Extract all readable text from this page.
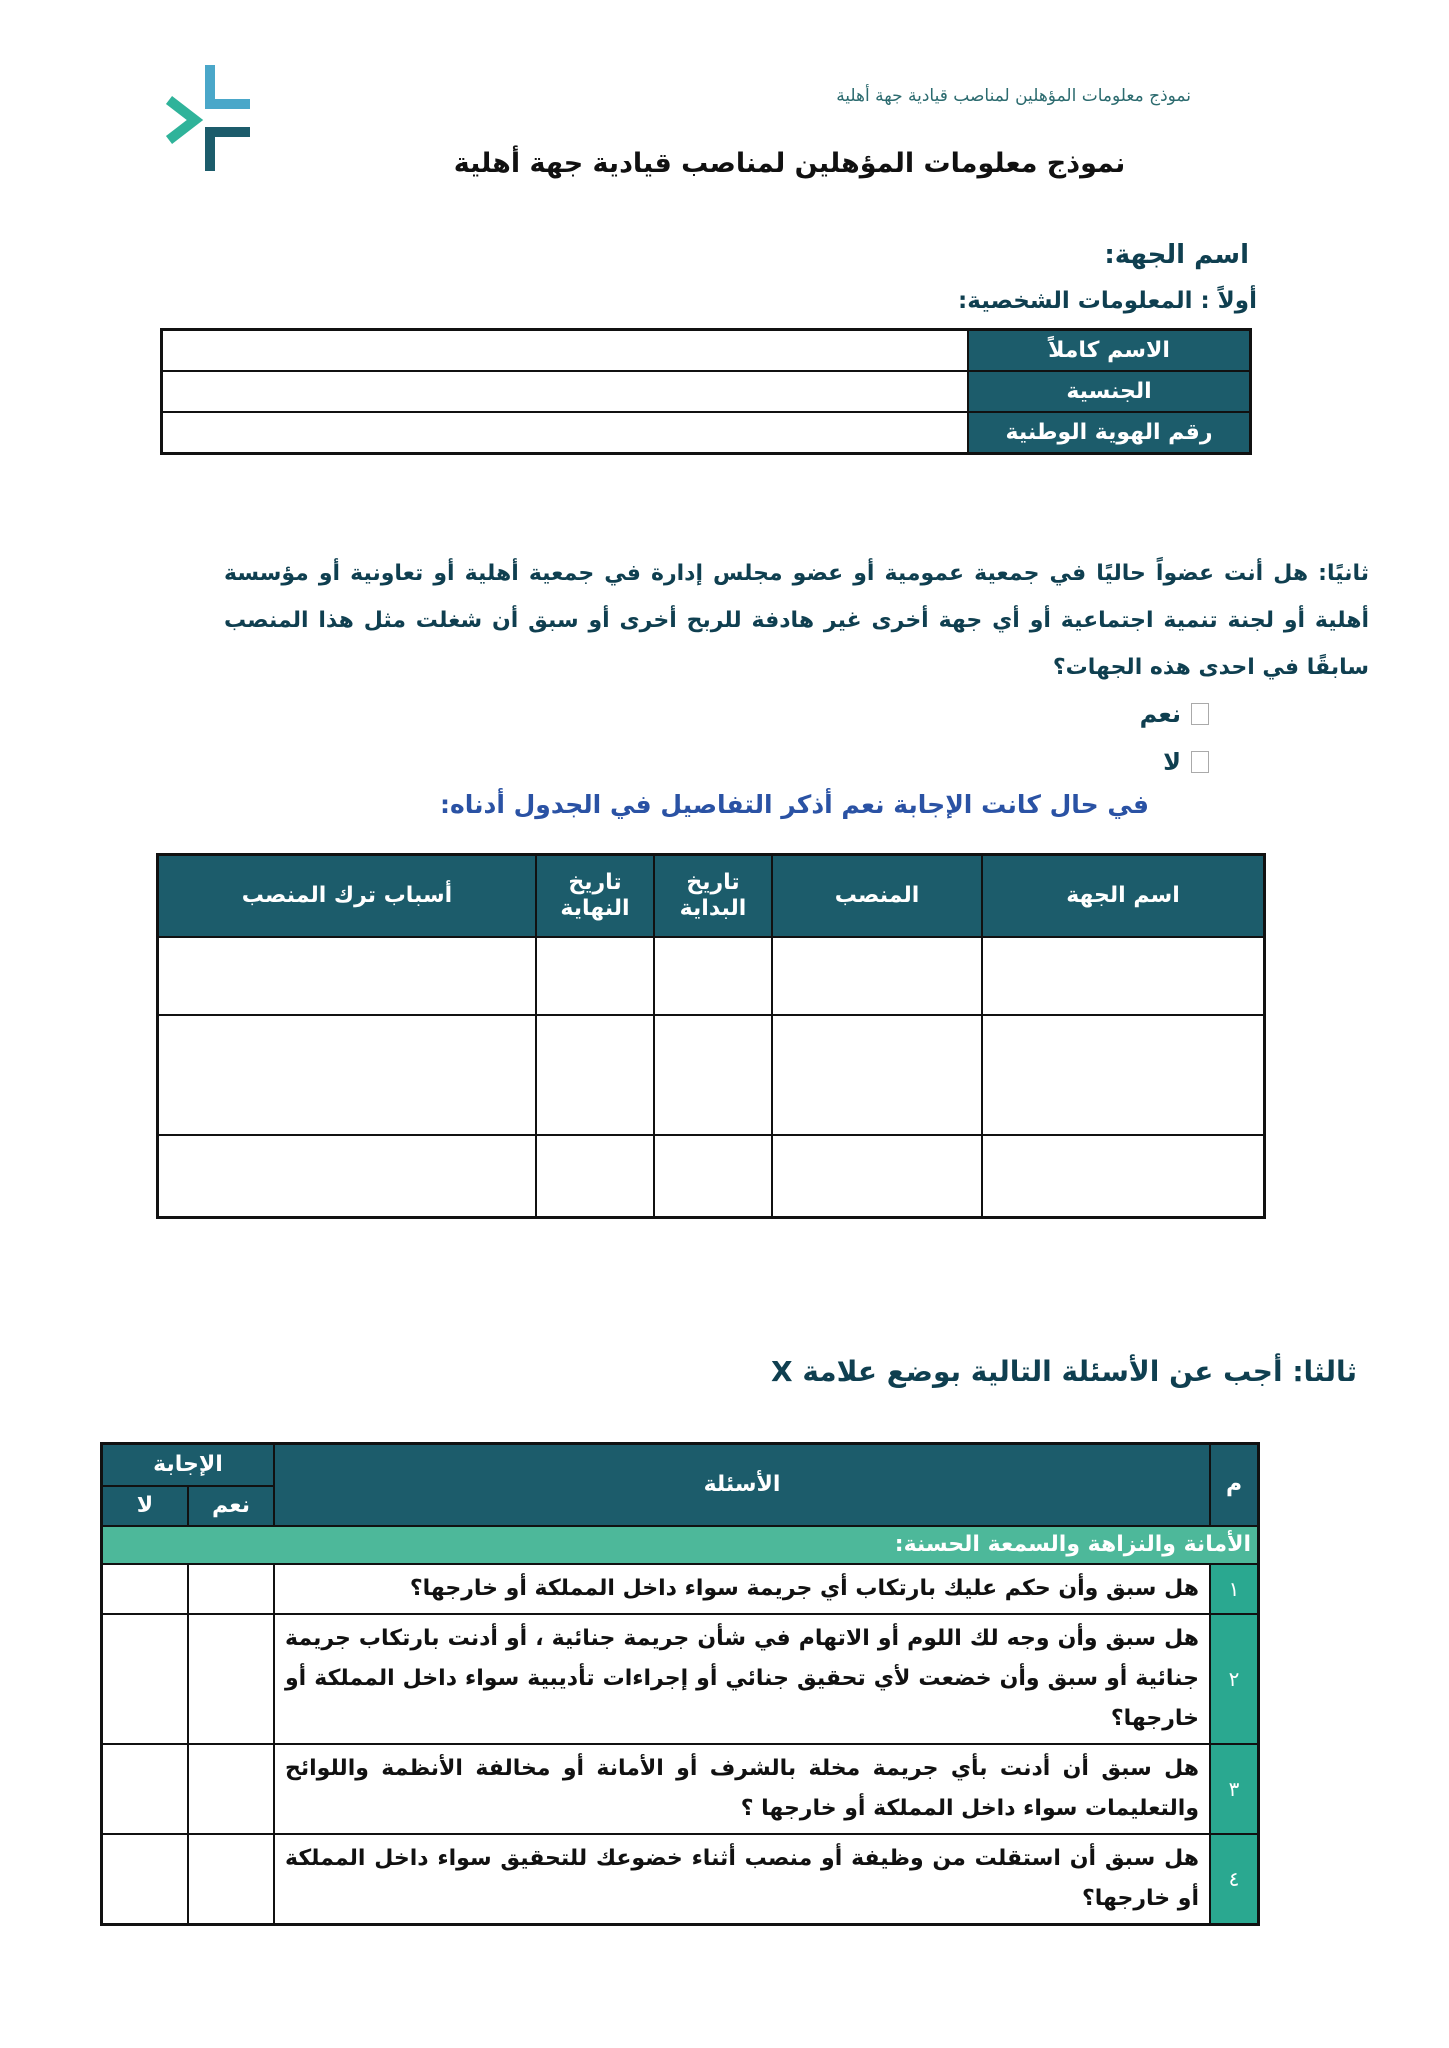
نموذج معلومات المؤهلين لمناصب قيادية جهة أهلية
نموذج معلومات المؤهلين لمناصب قيادية جهة أهلية
اسم الجهة:
أولاً : المعلومات الشخصية:
الاسم كاملاً	
الجنسية	
رقم الهوية الوطنية	
ثانيًا: هل أنت عضواً حاليًا في جمعية عمومية أو عضو مجلس إدارة في جمعية أهلية أو تعاونية أو مؤسسة أهلية أو لجنة تنمية اجتماعية أو أي جهة أخرى غير هادفة للربح أخرى أو سبق أن شغلت مثل هذا المنصب سابقًا في احدى هذه الجهات؟
نعم
لا
في حال كانت الإجابة نعم أذكر التفاصيل في الجدول أدناه:
اسم الجهة	المنصب	تاريخ البداية	تاريخ النهاية	أسباب ترك المنصب

ثالثا: أجب عن الأسئلة التالية بوضع علامة X
م	الأسئلة	الإجابة	
		نعم	لا
الأمانة والنزاهة والسمعة الحسنة:			
١	هل سبق وأن حكم عليك بارتكاب أي جريمة سواء داخل المملكة أو خارجها؟		
٢	هل سبق وأن وجه لك اللوم أو الاتهام في شأن جريمة جنائية ، أو أدنت بارتكاب جريمة جنائية أو سبق وأن خضعت لأي تحقيق جنائي أو إجراءات تأديبية سواء داخل المملكة أو خارجها؟		
٣	هل سبق أن أدنت بأي جريمة مخلة بالشرف أو الأمانة أو مخالفة الأنظمة واللوائح والتعليمات سواء داخل المملكة أو خارجها ؟		
٤	هل سبق أن استقلت من وظيفة أو منصب أثناء خضوعك للتحقيق سواء داخل المملكة أو خارجها؟		
